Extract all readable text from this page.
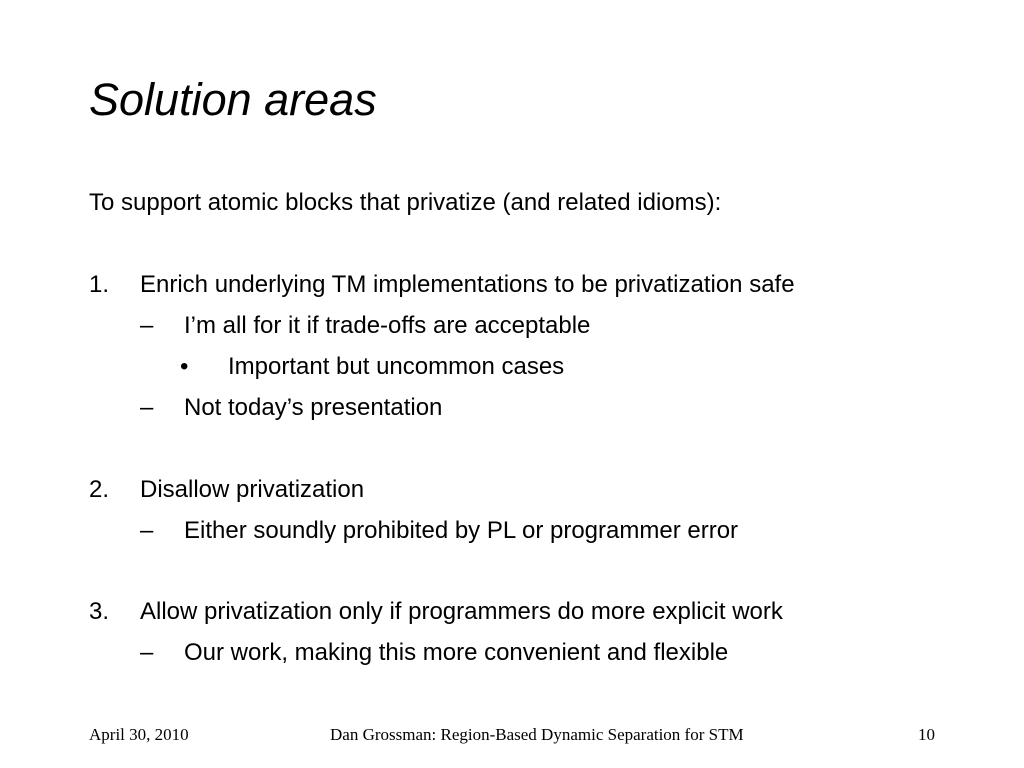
Solution areas
To support atomic blocks that privatize (and related idioms):
1. Enrich underlying TM implementations to be privatization safe
– I’m all for it if trade-offs are acceptable
• Important but uncommon cases
– Not today’s presentation
2. Disallow privatization
– Either soundly prohibited by PL or programmer error
3. Allow privatization only if programmers do more explicit work
– Our work, making this more convenient and flexible
April 30, 2010	Dan Grossman: Region-Based Dynamic Separation for STM	10
